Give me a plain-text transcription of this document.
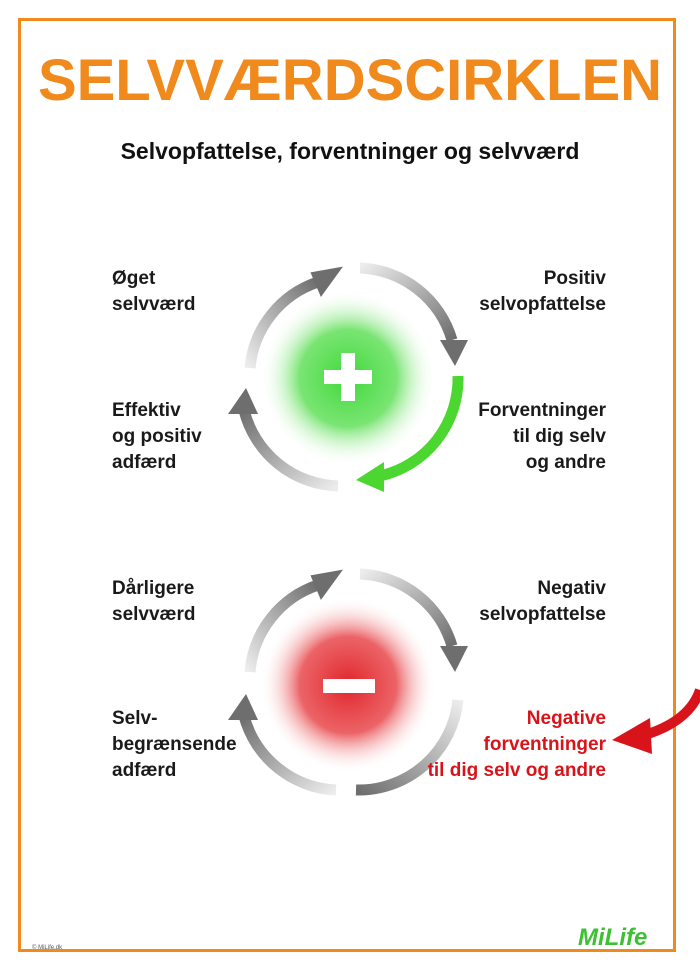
SELVVÆRDSCIRKLEN
Selvopfattelse, forventninger og selvværd
Øget
selvværd
Positiv
selvopfattelse
Effektiv
og positiv
adfærd
Forventninger
til dig selv
og andre
Dårligere
selvværd
Negativ
selvopfattelse
Selv-
begrænsende
adfærd
Negative
forventninger
til dig selv og andre
© MiLife.dk	MiLife
